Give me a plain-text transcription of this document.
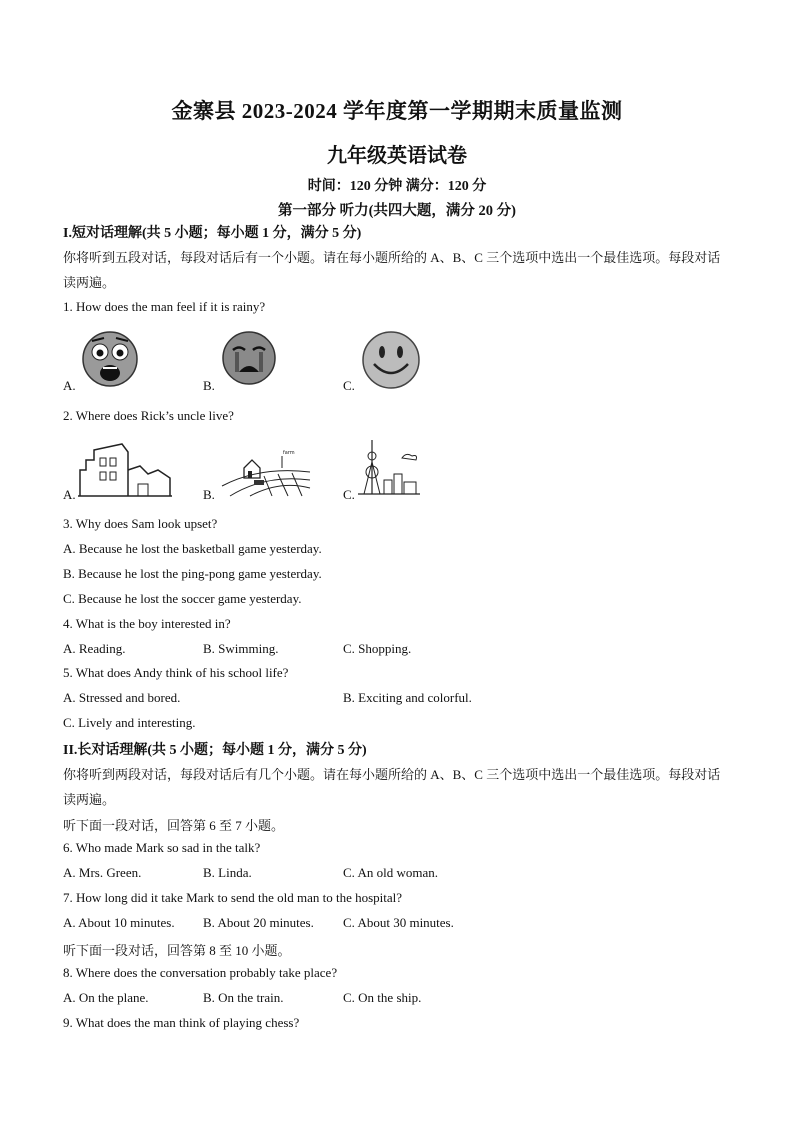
金寨县 2023-2024 学年度第一学期期末质量监测
九年级英语试卷
时间：120 分钟 满分：120 分
第一部分 听力(共四大题，满分 20 分)
I.短对话理解(共 5 小题；每小题 1 分，满分 5 分)
你将听到五段对话，每段对话后有一个小题。请在每小题所给的 A、B、C 三个选项中选出一个最佳选项。每段对话读两遍。
1. How does the man feel if it is rainy?
A.	B.	C.
2. Where does Rick’s uncle live?
A.	B.
farm
C.
3. Why does Sam look upset?
A. Because he lost the basketball game yesterday.
B. Because he lost the ping-pong game yesterday.
C. Because he lost the soccer game yesterday.
4. What is the boy interested in?
A. Reading.	B. Swimming.	C. Shopping.
5. What does Andy think of his school life?
A. Stressed and bored.	B. Exciting and colorful.
C. Lively and interesting.
II.长对话理解(共 5 小题；每小题 1 分，满分 5 分)
你将听到两段对话，每段对话后有几个小题。请在每小题所给的 A、B、C 三个选项中选出一个最佳选项。每段对话读两遍。
听下面一段对话，回答第 6 至 7 小题。
6. Who made Mark so sad in the talk?
A. Mrs. Green.	B. Linda.	C. An old woman.
7. How long did it take Mark to send the old man to the hospital?
A. About 10 minutes. B. About 20 minutes. C. About 30 minutes.
听下面一段对话，回答第 8 至 10 小题。
8. Where does the conversation probably take place?
A. On the plane.	B. On the train.	C. On the ship.
9. What does the man think of playing chess?
